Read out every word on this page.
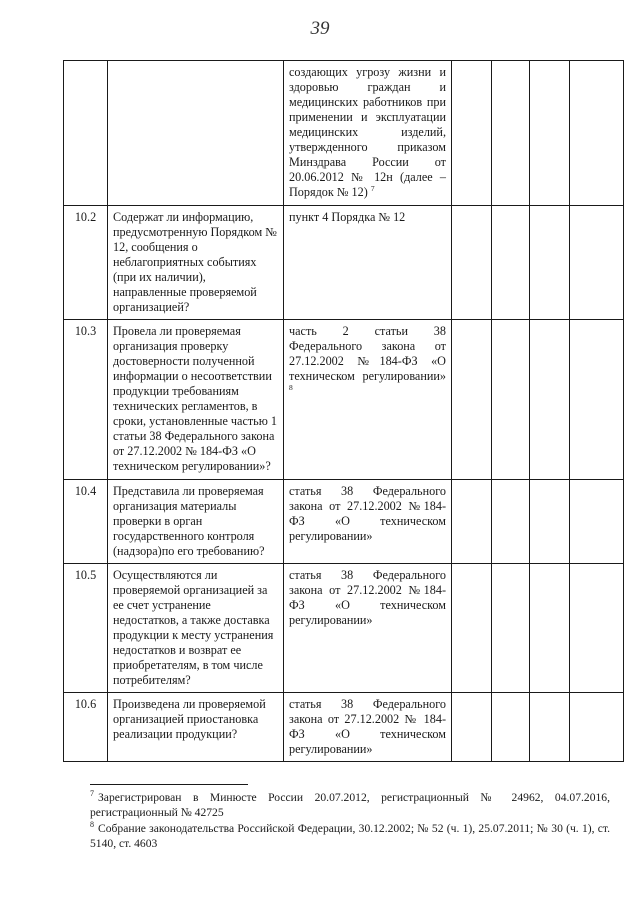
39
		создающих угрозу жизни и здоровью граждан и медицинских работников при применении и эксплуатации медицинских изделий, утвержденного приказом Минздрава России от 20.06.2012 № 12н (далее – Порядок № 12) $^7$				
10.2	Содержат ли информацию, предусмотренную Порядком № 12, сообщения о неблагоприятных событиях (при их наличии), направленные проверяемой организацией?	пункт 4 Порядка № 12				
10.3	Провела ли проверяемая организация проверку достоверности полученной информации о несоответствии продукции требованиям технических регламентов, в сроки, установленные частью 1 статьи 38 Федерального закона от 27.12.2002 № 184-ФЗ «О техническом регулировании»?	часть 2 статьи 38 Федерального закона от 27.12.2002 №184-ФЗ «О техническом регулировании» $^8$				
10.4	Представила ли проверяемая организация материалы проверки в орган государственного контроля (надзора)по его требованию?	статья 38 Федерального закона от 27.12.2002 №184-ФЗ «О техническом регулировании»				
10.5	Осуществляются ли проверяемой организацией за ее счет устранение недостатков, а также доставка продукции к месту устранения недостатков и возврат ее приобретателям, в том числе потребителям?	статья 38 Федерального закона от 27.12.2002 №184-ФЗ «О техническом регулировании»				
10.6	Произведена ли проверяемой организацией приостановка реализации продукции?	статья 38 Федерального закона от 27.12.2002 № 184-ФЗ «О техническом регулировании»				

$^7$ Зарегистрирован в Минюсте России 20.07.2012, регистрационный № 24962, 04.07.2016, регистрационный № 42725

$^8$ Собрание законодательства Российской Федерации, 30.12.2002; № 52 (ч. 1), 25.07.2011; № 30 (ч. 1), ст. 5140, ст. 4603
